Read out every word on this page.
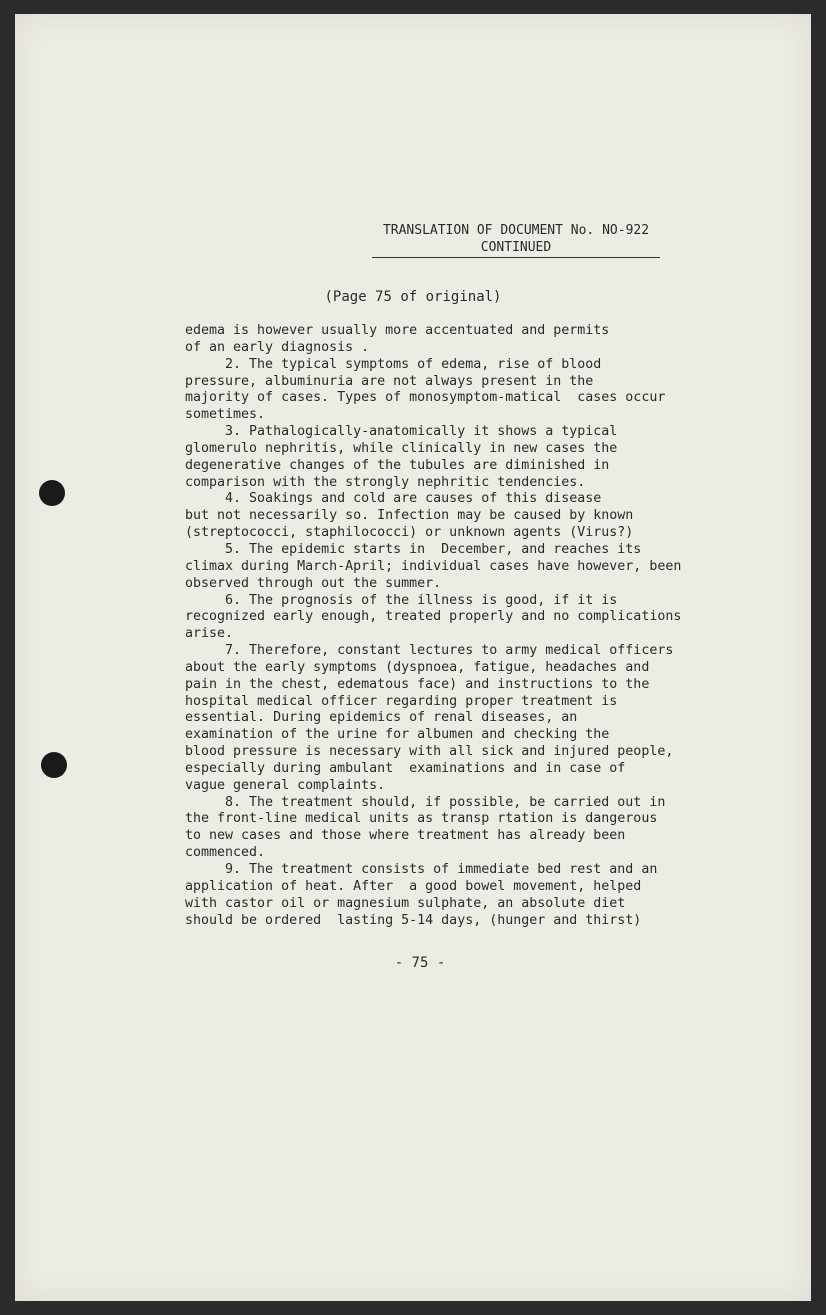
TRANSLATION OF DOCUMENT No. NO-922
CONTINUED
(Page 75 of original)
edema is however usually more accentuated and permits
of an early diagnosis .
2. The typical symptoms of edema, rise of blood
pressure, albuminuria are not always present in the
majority of cases. Types of monosymptom-matical  cases occur
sometimes.
3. Pathalogically-anatomically it shows a typical
glomerulo nephritis, while clinically in new cases the
degenerative changes of the tubules are diminished in
comparison with the strongly nephritic tendencies.
4. Soakings and cold are causes of this disease
but not necessarily so. Infection may be caused by known
(streptococci, staphilococci) or unknown agents (Virus?)
5. The epidemic starts in  December, and reaches its
climax during March-April; individual cases have however, been
observed through out the summer.
6. The prognosis of the illness is good, if it is
recognized early enough, treated properly and no complications
arise.
7. Therefore, constant lectures to army medical officers
about the early symptoms (dyspnoea, fatigue, headaches and
pain in the chest, edematous face) and instructions to the
hospital medical officer regarding proper treatment is
essential. During epidemics of renal diseases, an
examination of the urine for albumen and checking the
blood pressure is necessary with all sick and injured people,
especially during ambulant  examinations and in case of
vague general complaints.
8. The treatment should, if possible, be carried out in
the front-line medical units as transp rtation is dangerous
to new cases and those where treatment has already been
commenced.
9. The treatment consists of immediate bed rest and an
application of heat. After  a good bowel movement, helped
with castor oil or magnesium sulphate, an absolute diet
should be ordered  lasting 5-14 days, (hunger and thirst)
- 75 -
